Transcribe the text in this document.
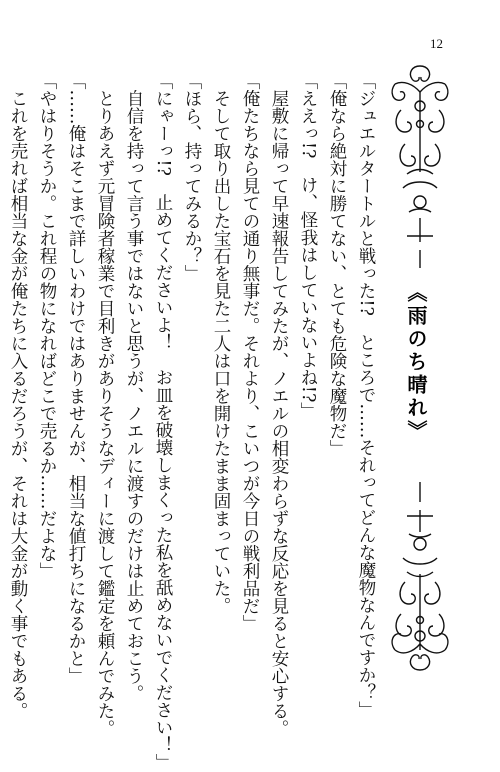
12
《雨のち晴れ》
「ジュエルタートルと戦った!?　ところで……それってどんな魔物なんですか？」
「俺なら絶対に勝てない、とても危険な魔物だ」
「ええっ!?　け、怪我はしていないよね!?」
　屋敷に帰って早速報告してみたが、ノエルの相変わらずな反応を見ると安心する。
「俺たちなら見ての通り無事だ。それより、こいつが今日の戦利品だ」
　そして取り出した宝石を見た二人は口を開けたまま固まっていた。
「ほら、持ってみるか？」
「にゃーっ!?　止めてくださいよ！　お皿を破壊しまくった私を舐めないでください！」
　自信を持って言う事ではないと思うが、ノエルに渡すのだけは止めておこう。
　とりあえず元冒険者稼業で目利きがありそうなディーに渡して鑑定を頼んでみた。
「……俺はそこまで詳しいわけではありませんが、相当な値打ちになるかと」
「やはりそうか。これ程の物になればどこで売るか……だよな」
　これを売れば相当な金が俺たちに入るだろうが、それは大金が動く事でもある。
